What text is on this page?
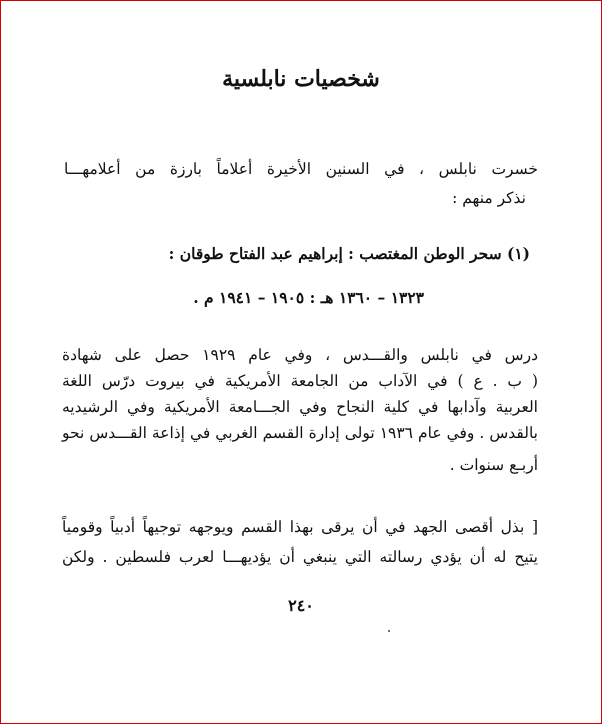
شخصيات نابلسية
خسرت نابلس ، في السنين الأخيرة أعلاماً بارزة من أعلامهـــا
نذكر منهم :
(١) سحر الوطن المغتصب : إبراهيم عبد الفتاح طوقان :
١٣٢٣ – ١٣٦٠ هـ : ١٩٠٥ – ١٩٤١ م .
درس في نابلس والقـــدس ، وفي عام ١٩٢٩ حصل على شهادة
( ب . ع ) في الآداب من الجامعة الأمريكية في بيروت درّس اللغة
العربية وآدابها في كلية النجاح وفي الجـــامعة الأمريكية وفي الرشيديه
بالقدس . وفي عام ١٩٣٦ تولى إدارة القسم الغربي في إذاعة القـــدس نحو
أربـع سنوات .
[ بذل أقصى الجهد في أن يرقى بهذا القسم ويوجهه توجيهاً أدبياً وقومياً
يتيح له أن يؤدي رسالته التي ينبغي أن يؤديهـــا لعرب فلسطين . ولكن
٢٤٠
